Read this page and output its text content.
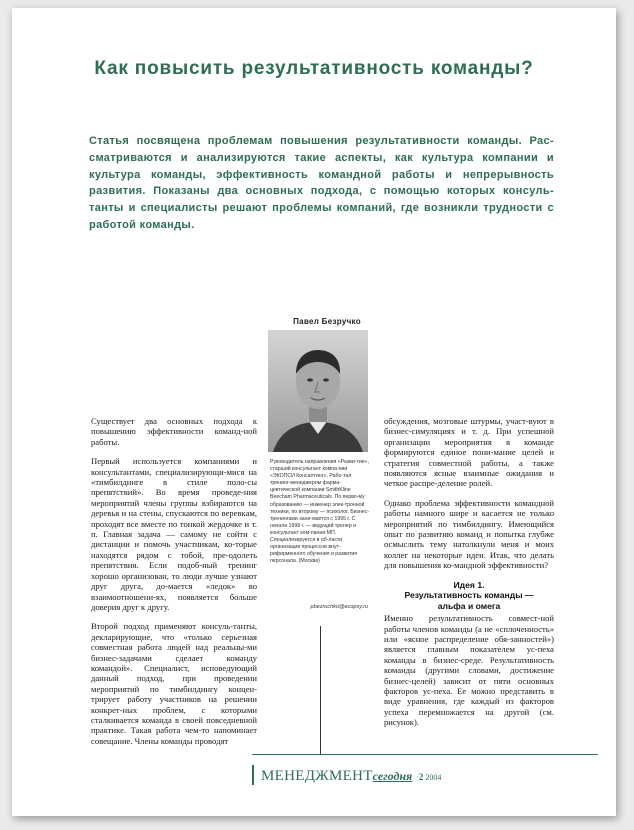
Как повысить результативность команды?
Статья посвящена проблемам повышения результативности команды. Рас-сматриваются и анализируются такие аспекты, как культура компании и культура команды, эффективность командной работы и непрерывность развития. Показаны два основных подхода, с помощью которых консуль-танты и специалисты решают проблемы компаний, где возникли трудности с работой команды.
Павел Безручко
Руководитель направления «Разви-тие», старший консультант компа-нии «ЭКОПСИ Консалтинг». Рабо-тал тренинг-менеджером фарма-цевтической компании SmithKline Beecham Pharmaceuticals. По перво-му образованию — инженер элек-тронной техники, по второму — психолог. Бизнес-тренингами зани-мается с 1995 г. С начала 1998 г. — ведущий тренер и консультант ком-пании МП. Специализируется в об-ласти организации процессов внут-рифирменного обучения и развития персонала. (Москва)
pbezruchko@ecopsy.ru

Существует два основных подхода к повышению эффективности команд-ной работы.

Первый используется компаниями и консультантами, специализирующи-мися на «тимбилдинге в стиле поло-сы препятствий». Во время проведе-ния мероприятий члены группы взбираются на деревья и на стены, спускаются по веревкам, проходят все вместе по тонкой жердочке и т. п. Главная задача — самому не сойти с дистанции и помочь участникам, ко-торые находятся рядом с тобой, пре-одолеть препятствия. Если подоб-ный тренинг хорошо организован, то люди лучше узнают друг друга, до-мается «ледок» во взаимоотношени-ях, появляется больше доверия друг к другу.

Второй подход применяют консуль-танты, декларирующие, что «только серьезная совместная работа людей над реальны-ми бизнес-задачами сделает команду командой». Специалист, исповедующий данный подход, при проведении мероприятий по тимбилдингу концен-трирует работу участников на решении конкрет-ных проблем, с которыми сталкивается команда в своей повседневной практике. Такая работа чем-то напоминает совещание. Члены команды проводят

обсуждения, мозговые штурмы, участ-вуют в бизнес-симуляциях и т. д. При успешной организации мероприятия в команде формируются единое пони-мание целей и стратегия совместной работы, а также появляются ясные взаимные ожидания и четкое распре-деление ролей.

Однако проблема эффективности командной работы намного шире и касается не только мероприятий по тимбилдингу. Имеющийся опыт по развитию команд и попытка глубже осмыслить тему натолкнули меня и моих коллег на некоторые идеи. Итак, что делать для повышения ко-мандной эффективности?

Идея 1.
Результативность команды —
альфа и омега

Именно результативность совмест-ной работы членов команды (а не «сплоченность» или «ясное распределение обя-занностей») является главным показателем ус-пеха команды в бизнес-среде. Результативность команды (другими словами, достижение бизнес-целей) зависит от пяти основных факторов ус-пеха. Ее можно представить в виде уравнения, где каждый из факторов успеха перемножается на другой (см. рисунок).

МЕНЕДЖМЕНТсегодня ·2 2004
